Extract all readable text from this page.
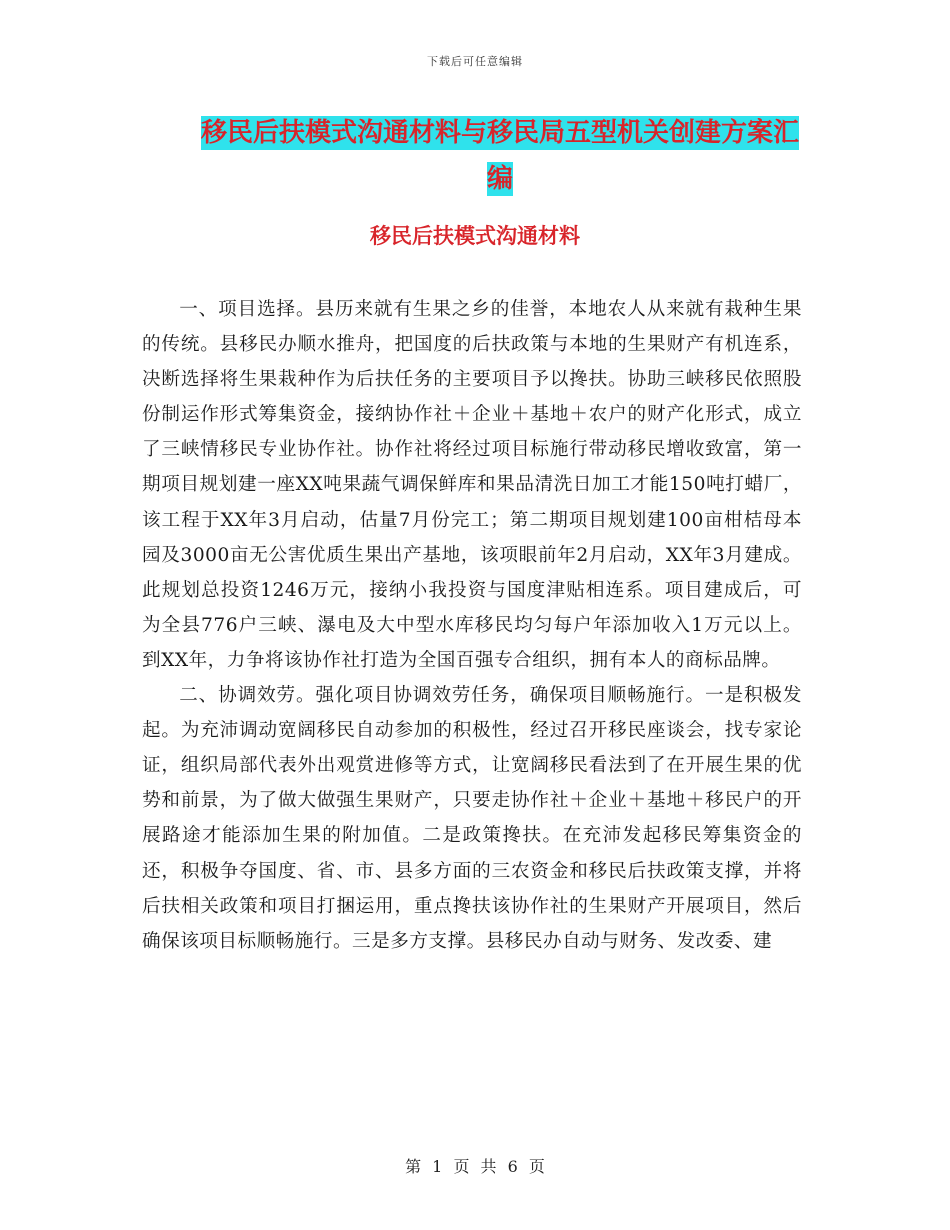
下载后可任意编辑
移民后扶模式沟通材料与移民局五型机关创建方案汇编
移民后扶模式沟通材料

一、项目选择。县历来就有生果之乡的佳誉，本地农人从来就有栽种生果的传统。县移民办顺水推舟，把国度的后扶政策与本地的生果财产有机连系，决断选择将生果栽种作为后扶任务的主要项目予以搀扶。协助三峡移民依照股份制运作形式筹集资金，接纳协作社＋企业＋基地＋农户的财产化形式，成立了三峡情移民专业协作社。协作社将经过项目标施行带动移民增收致富，第一期项目规划建一座XX吨果蔬气调保鲜库和果品清洗日加工才能150吨打蜡厂，该工程于XX年3月启动，估量7月份完工；第二期项目规划建100亩柑桔母本园及3000亩无公害优质生果出产基地，该项眼前年2月启动，XX年3月建成。此规划总投资1246万元，接纳小我投资与国度津贴相连系。项目建成后，可为全县776户三峡、瀑电及大中型水库移民均匀每户年添加收入1万元以上。到XX年，力争将该协作社打造为全国百强专合组织，拥有本人的商标品牌。

二、协调效劳。强化项目协调效劳任务，确保项目顺畅施行。一是积极发起。为充沛调动宽阔移民自动参加的积极性，经过召开移民座谈会，找专家论证，组织局部代表外出观赏进修等方式，让宽阔移民看法到了在开展生果的优势和前景，为了做大做强生果财产，只要走协作社＋企业＋基地＋移民户的开展路途才能添加生果的附加值。二是政策搀扶。在充沛发起移民筹集资金的还，积极争夺国度、省、市、县多方面的三农资金和移民后扶政策支撑，并将后扶相关政策和项目打捆运用，重点搀扶该协作社的生果财产开展项目，然后确保该项目标顺畅施行。三是多方支撑。县移民办自动与财务、发改委、建

第 1 页 共 6 页
